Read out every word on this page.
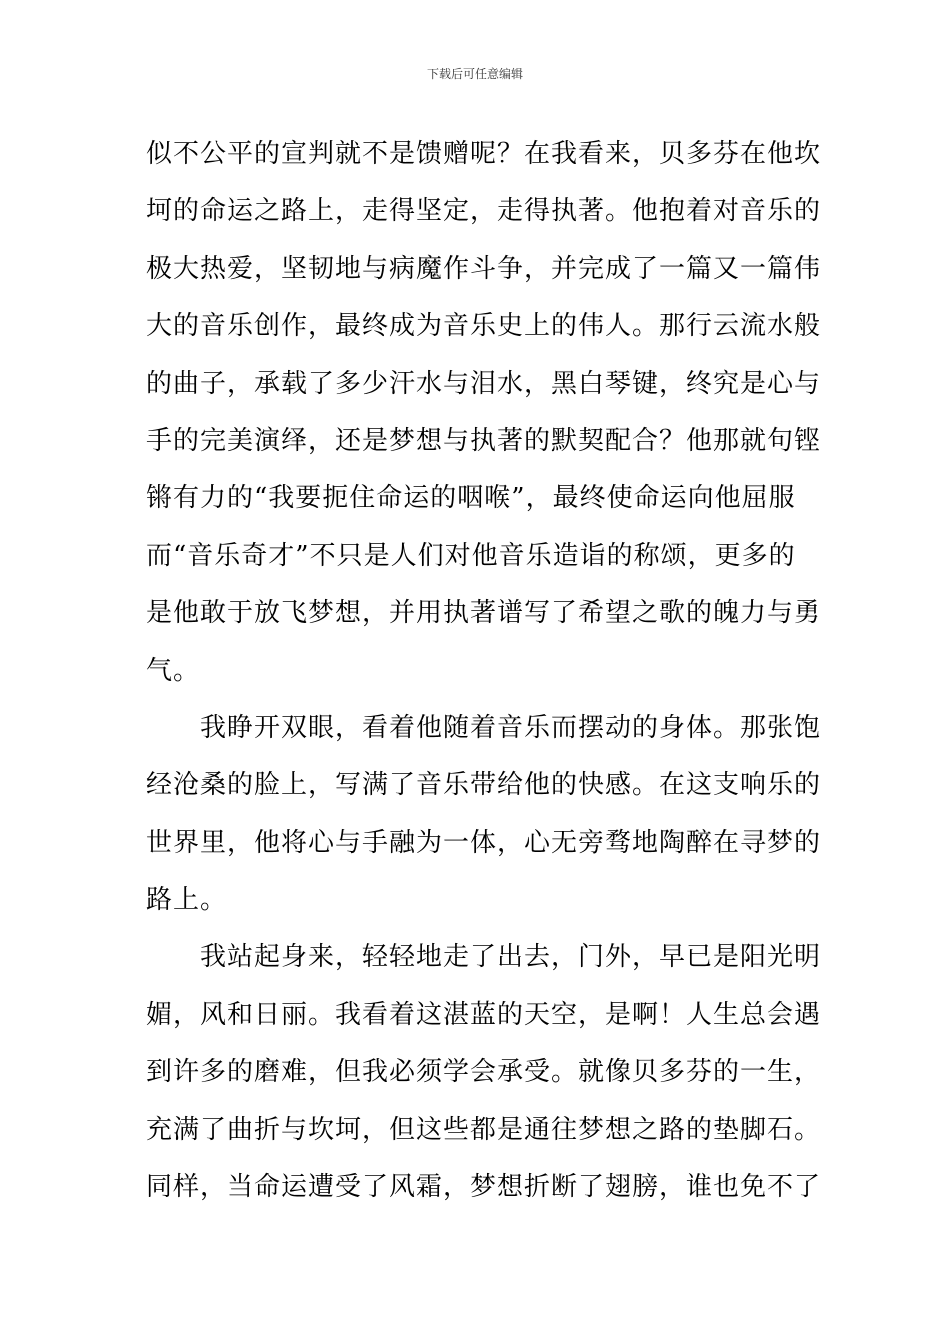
下载后可任意编辑
似不公平的宣判就不是馈赠呢？在我看来，贝多芬在他坎
坷的命运之路上，走得坚定，走得执著。他抱着对音乐的
极大热爱，坚韧地与病魔作斗争，并完成了一篇又一篇伟
大的音乐创作，最终成为音乐史上的伟人。那行云流水般
的曲子，承载了多少汗水与泪水，黑白琴键，终究是心与
手的完美演绎，还是梦想与执著的默契配合？他那就句铿
锵有力的“我要扼住命运的咽喉”，最终使命运向他屈服
而“音乐奇才”不只是人们对他音乐造诣的称颂，更多的
是他敢于放飞梦想，并用执著谱写了希望之歌的魄力与勇
气。
　　我睁开双眼，看着他随着音乐而摆动的身体。那张饱
经沧桑的脸上，写满了音乐带给他的快感。在这支响乐的
世界里，他将心与手融为一体，心无旁骛地陶醉在寻梦的
路上。
　　我站起身来，轻轻地走了出去，门外，早已是阳光明
媚，风和日丽。我看着这湛蓝的天空，是啊！人生总会遇
到许多的磨难，但我必须学会承受。就像贝多芬的一生，
充满了曲折与坎坷，但这些都是通往梦想之路的垫脚石。
同样，当命运遭受了风霜，梦想折断了翅膀，谁也免不了
